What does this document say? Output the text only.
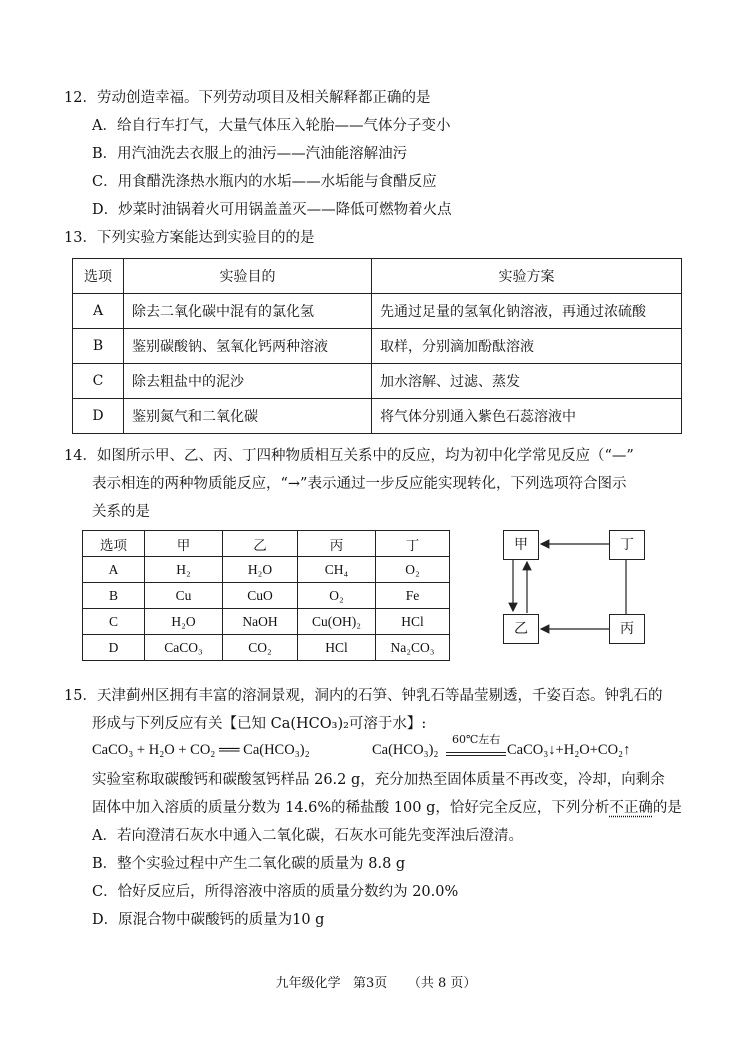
12．劳动创造幸福。下列劳动项目及相关解释都正确的是
A．给自行车打气，大量气体压入轮胎——气体分子变小
B．用汽油洗去衣服上的油污——汽油能溶解油污
C．用食醋洗涤热水瓶内的水垢——水垢能与食醋反应
D．炒菜时油锅着火可用锅盖盖灭——降低可燃物着火点
13．下列实验方案能达到实验目的的是
选项	实验目的	实验方案
A	除去二氧化碳中混有的氯化氢	先通过足量的氢氧化钠溶液，再通过浓硫酸
B	鉴别碳酸钠、氢氧化钙两种溶液	取样，分别滴加酚酞溶液
C	除去粗盐中的泥沙	加水溶解、过滤、蒸发
D	鉴别氮气和二氧化碳	将气体分别通入紫色石蕊溶液中
14．如图所示甲、乙、丙、丁四种物质相互关系中的反应，均为初中化学常见反应（“—”
表示相连的两种物质能反应，“→”表示通过一步反应能实现转化，下列选项符合图示
关系的是
选项	甲	乙	丙	丁
A	H₂	H₂O	CH₄	O₂
B	Cu	CuO	O₂	Fe
C	H₂O	NaOH	Cu(OH)₂	HCl
D	CaCO₃	CO₂	HCl	Na₂CO₃
甲	丁
乙	丙
15．天津蓟州区拥有丰富的溶洞景观，洞内的石笋、钟乳石等晶莹剔透，千姿百态。钟乳石的
形成与下列反应有关【已知 Ca(HCO₃)₂可溶于水】:
CaCO₃ + H₂O + CO₂ ══ Ca(HCO₃)₂	Ca(HCO₃)₂
60℃左右
CaCO₃↓+H₂O+CO₂↑
实验室称取碳酸钙和碳酸氢钙样品 26.2 g，充分加热至固体质量不再改变，冷却，向剩余
固体中加入溶质的质量分数为 14.6%的稀盐酸 100 g，恰好完全反应，下列分析不正确的是
A．若向澄清石灰水中通入二氧化碳，石灰水可能先变浑浊后澄清。
B．整个实验过程中产生二氧化碳的质量为 8.8 g
C．恰好反应后，所得溶液中溶质的质量分数约为 20.0%
D．原混合物中碳酸钙的质量为10 g
九年级化学   第3页     （共 8 页）
